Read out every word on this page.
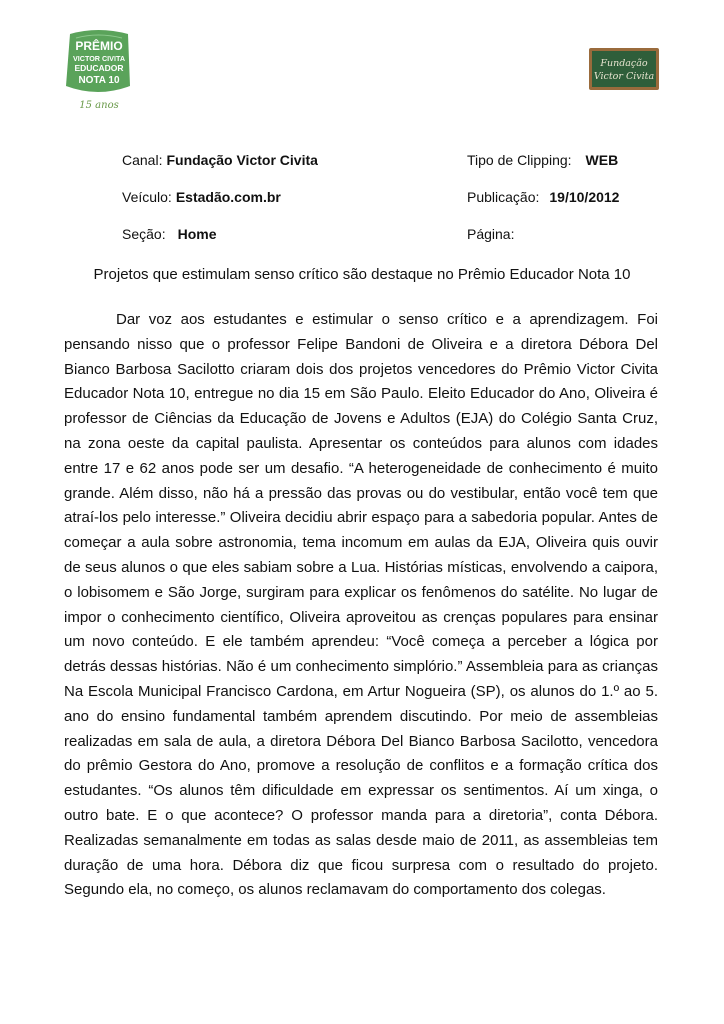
PRÊMIO
VICTOR CIVITA
EDUCADOR
NOTA 10
15 anos
Fundação
Victor Civita
Canal: Fundação Victor Civita	Tipo de Clipping: WEB
Veículo: Estadão.com.br	Publicação: 19/10/2012
Seção: Home	Página:
Projetos que estimulam senso crítico são destaque no Prêmio Educador Nota 10

Dar voz aos estudantes e estimular o senso crítico e a aprendizagem. Foi pensando nisso que o professor Felipe Bandoni de Oliveira e a diretora Débora Del Bianco Barbosa Sacilotto criaram dois dos projetos vencedores do Prêmio Victor Civita Educador Nota 10, entregue no dia 15 em São Paulo. Eleito Educador do Ano, Oliveira é professor de Ciências da Educação de Jovens e Adultos (EJA) do Colégio Santa Cruz, na zona oeste da capital paulista. Apresentar os conteúdos para alunos com idades entre 17 e 62 anos pode ser um desafio. “A heterogeneidade de conhecimento é muito grande. Além disso, não há a pressão das provas ou do vestibular, então você tem que atraí-los pelo interesse.” Oliveira decidiu abrir espaço para a sabedoria popular. Antes de começar a aula sobre astronomia, tema incomum em aulas da EJA, Oliveira quis ouvir de seus alunos o que eles sabiam sobre a Lua. Histórias místicas, envolvendo a caipora, o lobisomem e São Jorge, surgiram para explicar os fenômenos do satélite. No lugar de impor o conhecimento científico, Oliveira aproveitou as crenças populares para ensinar um novo conteúdo. E ele também aprendeu: “Você começa a perceber a lógica por detrás dessas histórias. Não é um conhecimento simplório.” Assembleia para as crianças Na Escola Municipal Francisco Cardona, em Artur Nogueira (SP), os alunos do 1.º ao 5. ano do ensino fundamental também aprendem discutindo. Por meio de assembleias realizadas em sala de aula, a diretora Débora Del Bianco Barbosa Sacilotto, vencedora do prêmio Gestora do Ano, promove a resolução de conflitos e a formação crítica dos estudantes. “Os alunos têm dificuldade em expressar os sentimentos. Aí um xinga, o outro bate. E o que acontece? O professor manda para a diretoria”, conta Débora. Realizadas semanalmente em todas as salas desde maio de 2011, as assembleias tem duração de uma hora. Débora diz que ficou surpresa com o resultado do projeto. Segundo ela, no começo, os alunos reclamavam do comportamento dos colegas.
